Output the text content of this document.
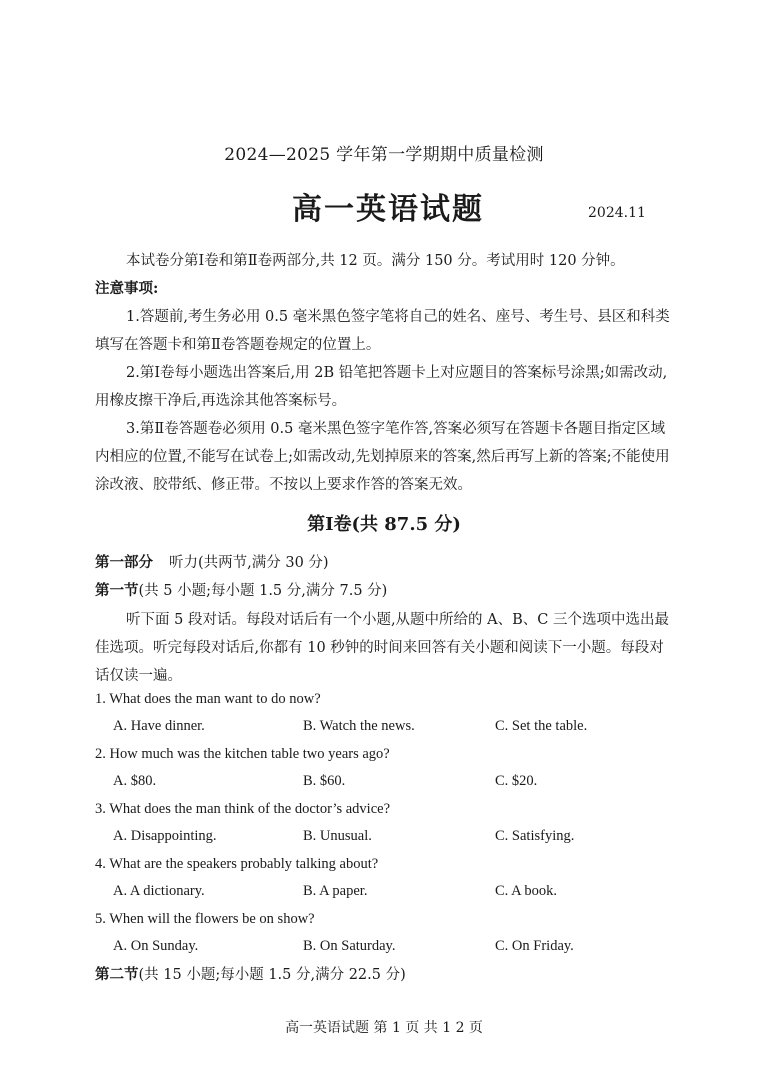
2024—2025 学年第一学期期中质量检测
高一英语试题	2024.11
本试卷分第Ⅰ卷和第Ⅱ卷两部分,共 12 页。满分 150 分。考试用时 120 分钟。
注意事项:
1.答题前,考生务必用 0.5 毫米黑色签字笔将自己的姓名、座号、考生号、县区和科类填写在答题卡和第Ⅱ卷答题卷规定的位置上。
2.第Ⅰ卷每小题选出答案后,用 2B 铅笔把答题卡上对应题目的答案标号涂黑;如需改动,用橡皮擦干净后,再选涂其他答案标号。
3.第Ⅱ卷答题卷必须用 0.5 毫米黑色签字笔作答,答案必须写在答题卡各题目指定区域内相应的位置,不能写在试卷上;如需改动,先划掉原来的答案,然后再写上新的答案;不能使用涂改液、胶带纸、修正带。不按以上要求作答的答案无效。
第Ⅰ卷(共 87.5 分)
第一部分 听力(共两节,满分 30 分)
第一节(共 5 小题;每小题 1.5 分,满分 7.5 分)
听下面 5 段对话。每段对话后有一个小题,从题中所给的 A、B、C 三个选项中选出最佳选项。听完每段对话后,你都有 10 秒钟的时间来回答有关小题和阅读下一小题。每段对话仅读一遍。
1. What does the man want to do now?
A. Have dinner.	B. Watch the news.	C. Set the table.
2. How much was the kitchen table two years ago?
A. $80.	B. $60.	C. $20.
3. What does the man think of the doctor’s advice?
A. Disappointing.	B. Unusual.	C. Satisfying.
4. What are the speakers probably talking about?
A. A dictionary.	B. A paper.	C. A book.
5. When will the flowers be on show?
A. On Sunday.	B. On Saturday.	C. On Friday.
第二节(共 15 小题;每小题 1.5 分,满分 22.5 分)
高一英语试题 第 1 页 共 1 2 页
